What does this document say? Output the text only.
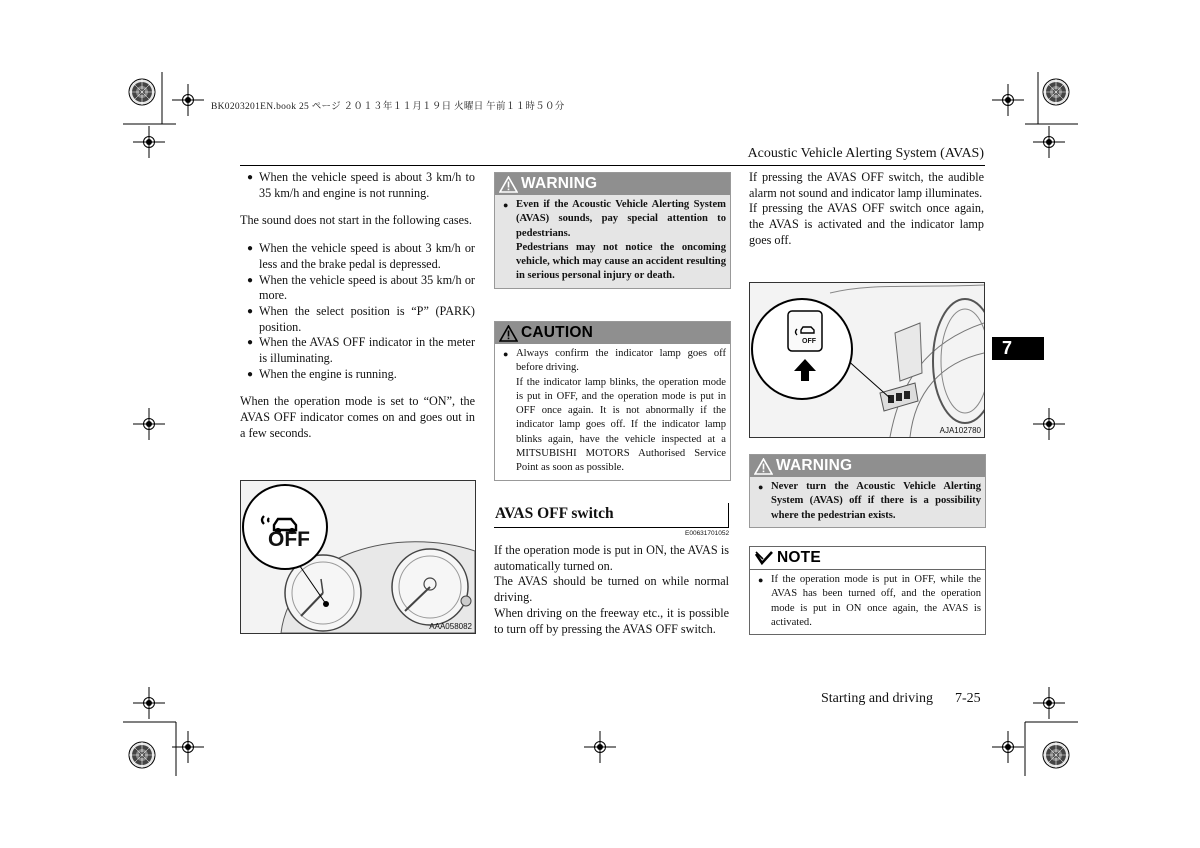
BK0203201EN.book 25 ページ ２０１３年１１月１９日 火曜日 午前１１時５０分
Acoustic Vehicle Alerting System (AVAS)
● When the vehicle speed is about 3 km/h to 35 km/h and engine is not running.
The sound does not start in the following cases.
● When the vehicle speed is about 3 km/h or less and the brake pedal is depressed.
● When the vehicle speed is about 35 km/h or more.
● When the select position is “P” (PARK) position.
● When the AVAS OFF indicator in the meter is illuminating.
● When the engine is running.
When the operation mode is set to “ON”, the AVAS OFF indicator comes on and goes out in a few seconds.
OFF
AAA058082
WARNING
● Even if the Acoustic Vehicle Alerting System (AVAS) sounds, pay special attention to pedestrians.
Pedestrians may not notice the oncoming vehicle, which may cause an accident resulting in serious personal injury or death.
CAUTION
● Always confirm the indicator lamp goes off before driving.
If the indicator lamp blinks, the operation mode is put in OFF, and the operation mode is put in OFF once again. It is not abnormally if the indicator lamp goes off. If the indicator lamp blinks again, have the vehicle inspected at a MITSUBISHI MOTORS Authorised Service Point as soon as possible.
AVAS OFF switch
E00631701052
If the operation mode is put in ON, the AVAS is automatically turned on.
The AVAS should be turned on while normal driving.
When driving on the freeway etc., it is possible to turn off by pressing the AVAS OFF switch.
If pressing the AVAS OFF switch, the audible alarm not sound and indicator lamp illuminates.
If pressing the AVAS OFF switch once again, the AVAS is activated and the indicator lamp goes off.
OFF
AJA102780
WARNING
● Never turn the Acoustic Vehicle Alerting System (AVAS) off if there is a possibility where the pedestrian exists.
NOTE
● If the operation mode is put in OFF, while the AVAS has been turned off, and the operation mode is put in ON once again, the AVAS is activated.
7
Starting and driving 7-25
